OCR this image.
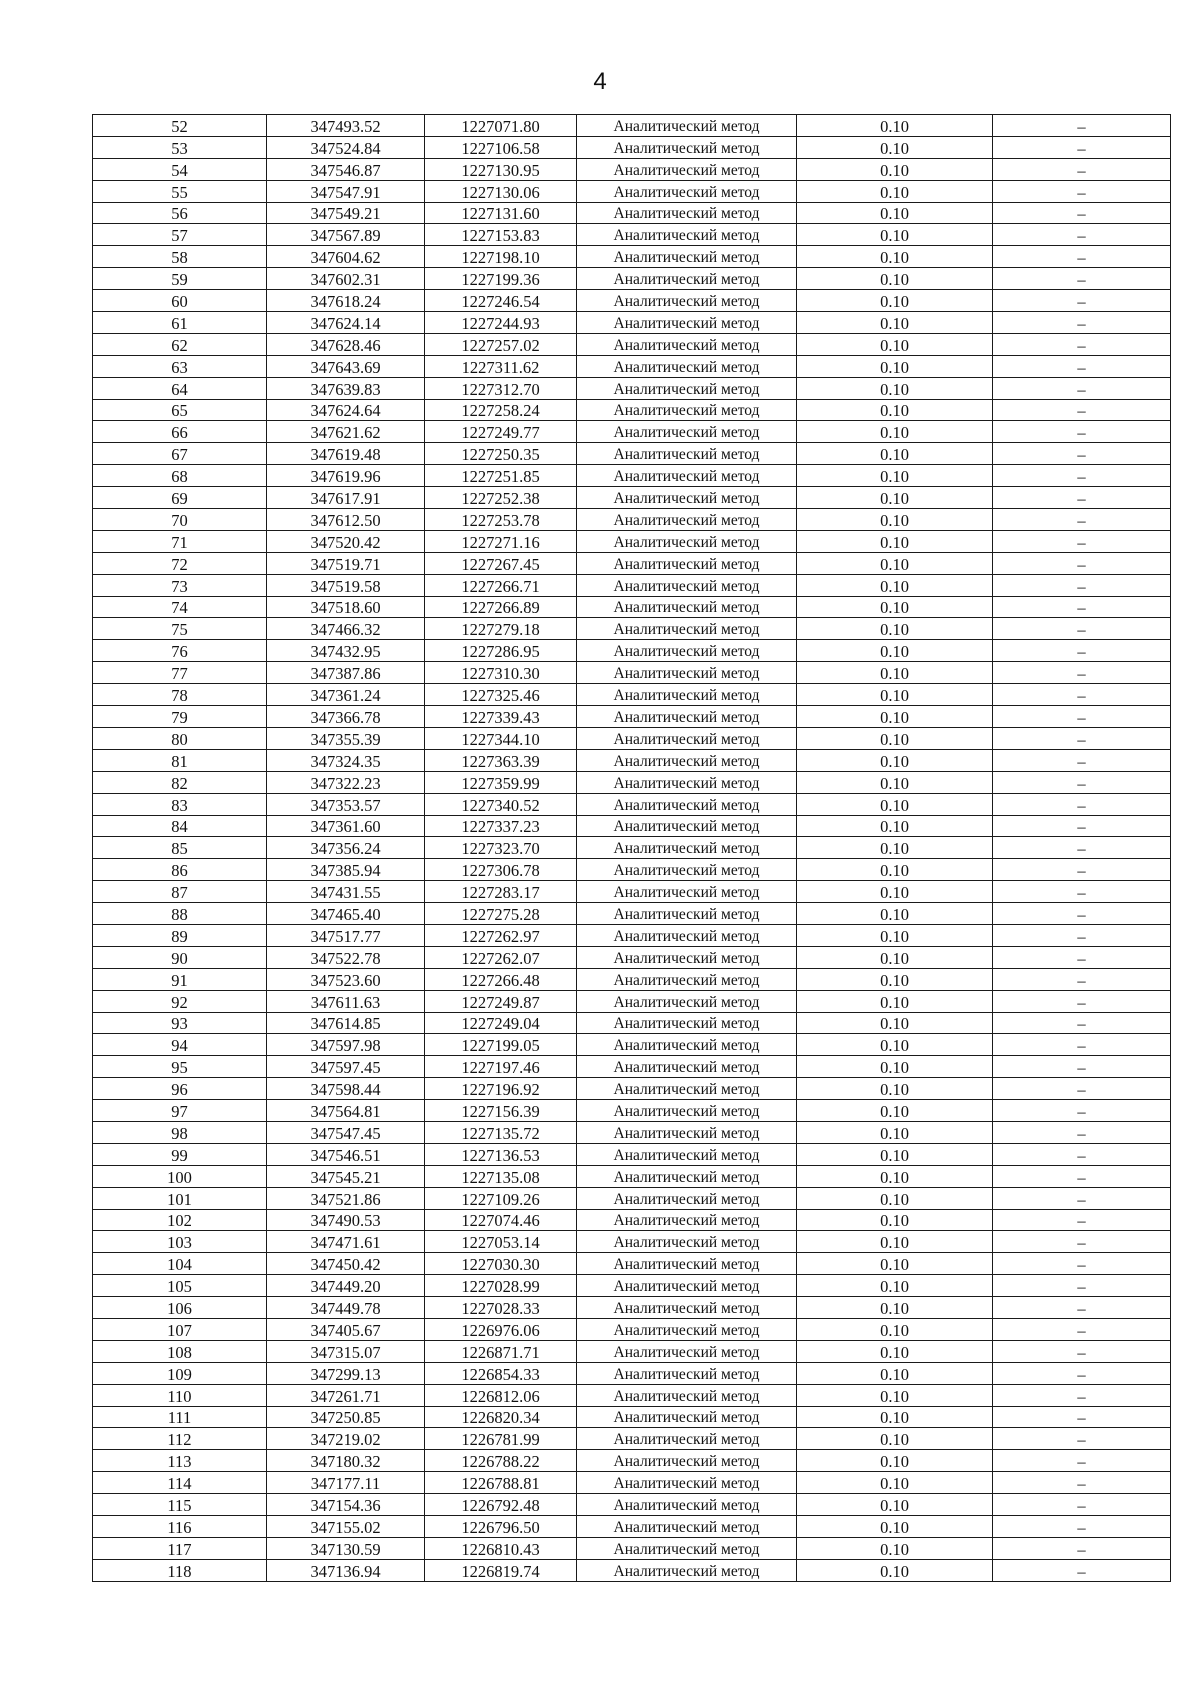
4
52	347493.52	1227071.80	Аналитический метод	0.10	–
53	347524.84	1227106.58	Аналитический метод	0.10	–
54	347546.87	1227130.95	Аналитический метод	0.10	–
55	347547.91	1227130.06	Аналитический метод	0.10	–
56	347549.21	1227131.60	Аналитический метод	0.10	–
57	347567.89	1227153.83	Аналитический метод	0.10	–
58	347604.62	1227198.10	Аналитический метод	0.10	–
59	347602.31	1227199.36	Аналитический метод	0.10	–
60	347618.24	1227246.54	Аналитический метод	0.10	–
61	347624.14	1227244.93	Аналитический метод	0.10	–
62	347628.46	1227257.02	Аналитический метод	0.10	–
63	347643.69	1227311.62	Аналитический метод	0.10	–
64	347639.83	1227312.70	Аналитический метод	0.10	–
65	347624.64	1227258.24	Аналитический метод	0.10	–
66	347621.62	1227249.77	Аналитический метод	0.10	–
67	347619.48	1227250.35	Аналитический метод	0.10	–
68	347619.96	1227251.85	Аналитический метод	0.10	–
69	347617.91	1227252.38	Аналитический метод	0.10	–
70	347612.50	1227253.78	Аналитический метод	0.10	–
71	347520.42	1227271.16	Аналитический метод	0.10	–
72	347519.71	1227267.45	Аналитический метод	0.10	–
73	347519.58	1227266.71	Аналитический метод	0.10	–
74	347518.60	1227266.89	Аналитический метод	0.10	–
75	347466.32	1227279.18	Аналитический метод	0.10	–
76	347432.95	1227286.95	Аналитический метод	0.10	–
77	347387.86	1227310.30	Аналитический метод	0.10	–
78	347361.24	1227325.46	Аналитический метод	0.10	–
79	347366.78	1227339.43	Аналитический метод	0.10	–
80	347355.39	1227344.10	Аналитический метод	0.10	–
81	347324.35	1227363.39	Аналитический метод	0.10	–
82	347322.23	1227359.99	Аналитический метод	0.10	–
83	347353.57	1227340.52	Аналитический метод	0.10	–
84	347361.60	1227337.23	Аналитический метод	0.10	–
85	347356.24	1227323.70	Аналитический метод	0.10	–
86	347385.94	1227306.78	Аналитический метод	0.10	–
87	347431.55	1227283.17	Аналитический метод	0.10	–
88	347465.40	1227275.28	Аналитический метод	0.10	–
89	347517.77	1227262.97	Аналитический метод	0.10	–
90	347522.78	1227262.07	Аналитический метод	0.10	–
91	347523.60	1227266.48	Аналитический метод	0.10	–
92	347611.63	1227249.87	Аналитический метод	0.10	–
93	347614.85	1227249.04	Аналитический метод	0.10	–
94	347597.98	1227199.05	Аналитический метод	0.10	–
95	347597.45	1227197.46	Аналитический метод	0.10	–
96	347598.44	1227196.92	Аналитический метод	0.10	–
97	347564.81	1227156.39	Аналитический метод	0.10	–
98	347547.45	1227135.72	Аналитический метод	0.10	–
99	347546.51	1227136.53	Аналитический метод	0.10	–
100	347545.21	1227135.08	Аналитический метод	0.10	–
101	347521.86	1227109.26	Аналитический метод	0.10	–
102	347490.53	1227074.46	Аналитический метод	0.10	–
103	347471.61	1227053.14	Аналитический метод	0.10	–
104	347450.42	1227030.30	Аналитический метод	0.10	–
105	347449.20	1227028.99	Аналитический метод	0.10	–
106	347449.78	1227028.33	Аналитический метод	0.10	–
107	347405.67	1226976.06	Аналитический метод	0.10	–
108	347315.07	1226871.71	Аналитический метод	0.10	–
109	347299.13	1226854.33	Аналитический метод	0.10	–
110	347261.71	1226812.06	Аналитический метод	0.10	–
111	347250.85	1226820.34	Аналитический метод	0.10	–
112	347219.02	1226781.99	Аналитический метод	0.10	–
113	347180.32	1226788.22	Аналитический метод	0.10	–
114	347177.11	1226788.81	Аналитический метод	0.10	–
115	347154.36	1226792.48	Аналитический метод	0.10	–
116	347155.02	1226796.50	Аналитический метод	0.10	–
117	347130.59	1226810.43	Аналитический метод	0.10	–
118	347136.94	1226819.74	Аналитический метод	0.10	–
